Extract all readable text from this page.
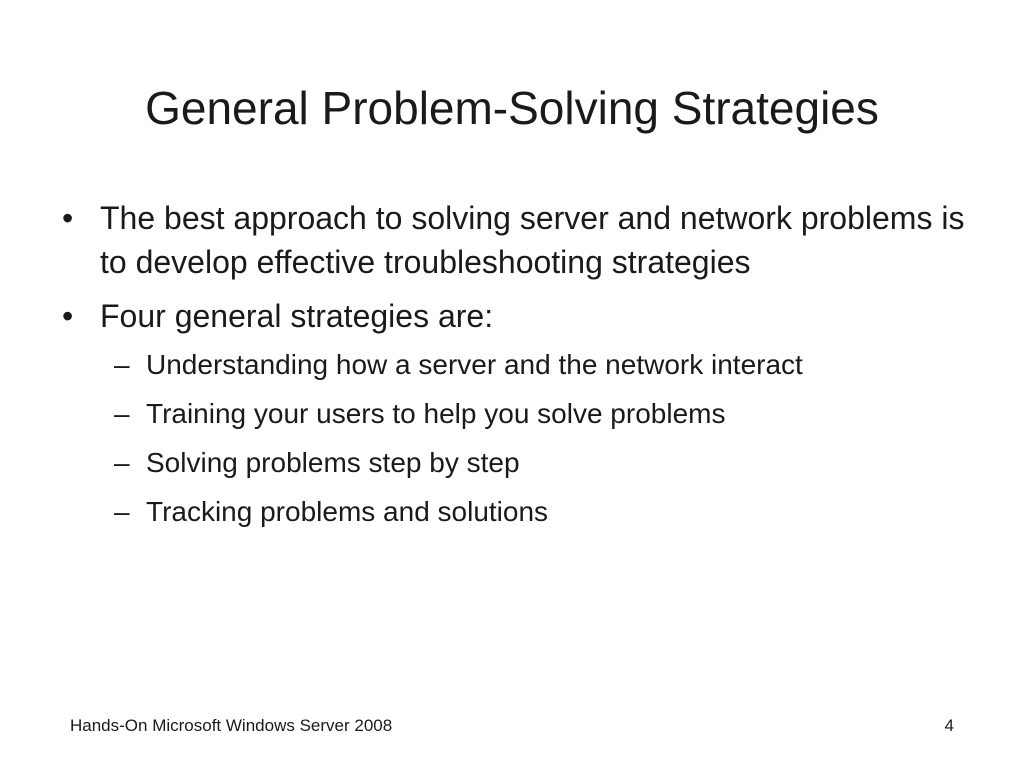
General Problem-Solving Strategies
• The best approach to solving server and network problems is to develop effective troubleshooting strategies
• Four general strategies are:
– Understanding how a server and the network interact
– Training your users to help you solve problems
– Solving problems step by step
– Tracking problems and solutions
Hands-On Microsoft Windows Server 2008	4
